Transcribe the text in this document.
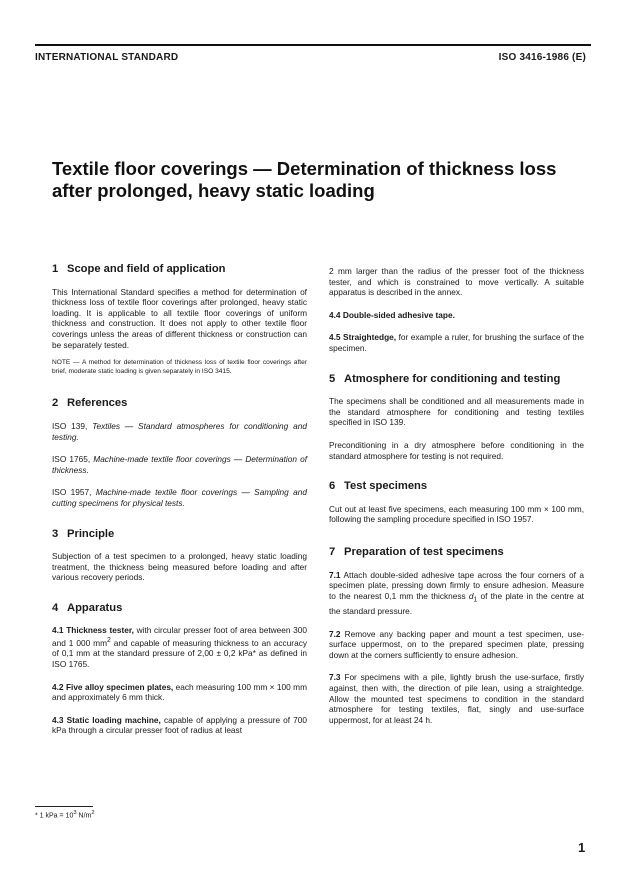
INTERNATIONAL STANDARD	ISO 3416-1986 (E)
Textile floor coverings — Determination of thickness loss
after prolonged, heavy static loading
1 Scope and field of application

This International Standard specifies a method for determination of thickness loss of textile floor coverings after prolonged, heavy static loading. It is applicable to all textile floor coverings of uniform thickness and construction. It does not apply to other textile floor coverings unless the areas of different thickness or construction can be separately tested.

NOTE — A method for determination of thickness loss of textile floor coverings after brief, moderate static loading is given separately in ISO 3415.

2 References

ISO 139, Textiles — Standard atmospheres for conditioning and testing.

ISO 1765, Machine-made textile floor coverings — Determination of thickness.

ISO 1957, Machine-made textile floor coverings — Sampling and cutting specimens for physical tests.

3 Principle

Subjection of a test specimen to a prolonged, heavy static loading treatment, the thickness being measured before loading and after various recovery periods.

4 Apparatus

4.1 Thickness tester, with circular presser foot of area between 300 and 1 000 $mm^2$ and capable of measuring thickness to an accuracy of 0,1 mm at the standard pressure of 2,00 ± 0,2 kPa* as defined in ISO 1765.

4.2 Five alloy specimen plates, each measuring 100 mm × 100 mm and approximately 6 mm thick.

4.3 Static loading machine, capable of applying a pressure of 700 kPa through a circular presser foot of radius at least

2 mm larger than the radius of the presser foot of the thickness tester, and which is constrained to move vertically. A suitable apparatus is described in the annex.

4.4 Double-sided adhesive tape.

4.5 Straightedge, for example a ruler, for brushing the surface of the specimen.

5 Atmosphere for conditioning and testing

The specimens shall be conditioned and all measurements made in the standard atmosphere for conditioning and testing textiles specified in ISO 139.

Preconditioning in a dry atmosphere before conditioning in the standard atmosphere for testing is not required.

6 Test specimens

Cut out at least five specimens, each measuring 100 mm × 100 mm, following the sampling procedure specified in ISO 1957.

7 Preparation of test specimens

7.1 Attach double-sided adhesive tape across the four corners of a specimen plate, pressing down firmly to ensure adhesion. Measure to the nearest 0,1 mm the thickness $d_1$ of the plate in the centre at the standard pressure.

7.2 Remove any backing paper and mount a test specimen, use-surface uppermost, on to the prepared specimen plate, pressing down at the corners sufficiently to ensure adhesion.

7.3 For specimens with a pile, lightly brush the use-surface, firstly against, then with, the direction of pile lean, using a straightedge. Allow the mounted test specimens to condition in the standard atmosphere for testing textiles, flat, singly and use-surface uppermost, for at least 24 h.

* 1 kPa = $10^3$ $N/m^2$
1
